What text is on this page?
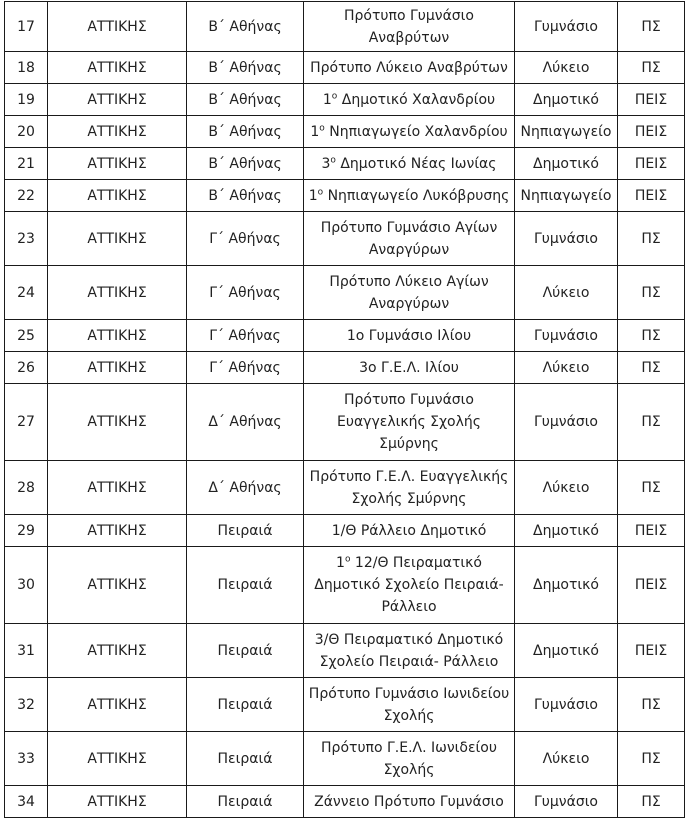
17	ΑΤΤΙΚΗΣ	Β΄ Αθήνας	Πρότυπο Γυμνάσιο Αναβρύτων	Γυμνάσιο	ΠΣ
18	ΑΤΤΙΚΗΣ	Β΄ Αθήνας	Πρότυπο Λύκειο Αναβρύτων	Λύκειο	ΠΣ
19	ΑΤΤΙΚΗΣ	Β΄ Αθήνας	$1^o$ Δημοτικό Χαλανδρίου	Δημοτικό	ΠΕΙΣ
20	ΑΤΤΙΚΗΣ	Β΄ Αθήνας	$1^o$ Νηπιαγωγείο Χαλανδρίου	Νηπιαγωγείο	ΠΕΙΣ
21	ΑΤΤΙΚΗΣ	Β΄ Αθήνας	$3^o$ Δημοτικό Νέας Ιωνίας	Δημοτικό	ΠΕΙΣ
22	ΑΤΤΙΚΗΣ	Β΄ Αθήνας	$1^o$ Νηπιαγωγείο Λυκόβρυσης	Νηπιαγωγείο	ΠΕΙΣ
23	ΑΤΤΙΚΗΣ	Γ΄ Αθήνας	Πρότυπο Γυμνάσιο Αγίων Αναργύρων	Γυμνάσιο	ΠΣ
24	ΑΤΤΙΚΗΣ	Γ΄ Αθήνας	Πρότυπο Λύκειο Αγίων Αναργύρων	Λύκειο	ΠΣ
25	ΑΤΤΙΚΗΣ	Γ΄ Αθήνας	1ο Γυμνάσιο Ιλίου	Γυμνάσιο	ΠΣ
26	ΑΤΤΙΚΗΣ	Γ΄ Αθήνας	3ο Γ.Ε.Λ. Ιλίου	Λύκειο	ΠΣ
27	ΑΤΤΙΚΗΣ	Δ΄ Αθήνας	Πρότυπο Γυμνάσιο Ευαγγελικής Σχολής Σμύρνης	Γυμνάσιο	ΠΣ
28	ΑΤΤΙΚΗΣ	Δ΄ Αθήνας	Πρότυπο Γ.Ε.Λ. Ευαγγελικής Σχολής Σμύρνης	Λύκειο	ΠΣ
29	ΑΤΤΙΚΗΣ	Πειραιά	1/Θ Ράλλειο Δημοτικό	Δημοτικό	ΠΕΙΣ
30	ΑΤΤΙΚΗΣ	Πειραιά	$1^o$ 12/Θ Πειραματικό Δημοτικό Σχολείο Πειραιά-Ράλλειο	Δημοτικό	ΠΕΙΣ
31	ΑΤΤΙΚΗΣ	Πειραιά	3/Θ Πειραματικό Δημοτικό Σχολείο Πειραιά- Ράλλειο	Δημοτικό	ΠΕΙΣ
32	ΑΤΤΙΚΗΣ	Πειραιά	Πρότυπο Γυμνάσιο Ιωνιδείου Σχολής	Γυμνάσιο	ΠΣ
33	ΑΤΤΙΚΗΣ	Πειραιά	Πρότυπο Γ.Ε.Λ. Ιωνιδείου Σχολής	Λύκειο	ΠΣ
34	ΑΤΤΙΚΗΣ	Πειραιά	Ζάννειο Πρότυπο Γυμνάσιο	Γυμνάσιο	ΠΣ
